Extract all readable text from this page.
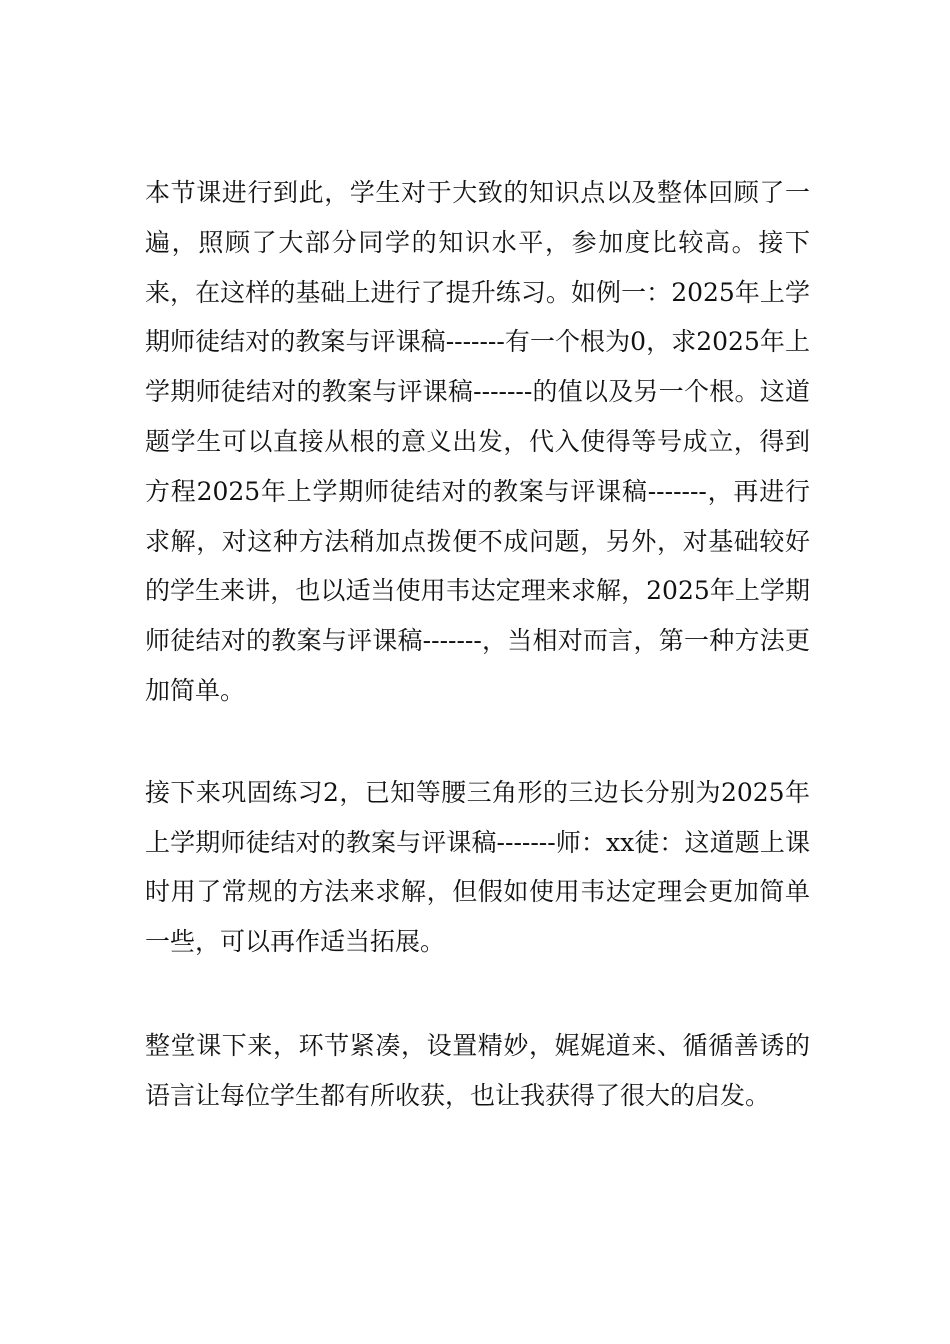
本节课进行到此，学生对于大致的知识点以及整体回顾了一遍，照顾了大部分同学的知识水平，参加度比较高。接下来，在这样的基础上进行了提升练习。如例一：2025年上学期师徒结对的教案与评课稿-------有一个根为0，求2025年上学期师徒结对的教案与评课稿-------的值以及另一个根。这道题学生可以直接从根的意义出发，代入使得等号成立，得到方程2025年上学期师徒结对的教案与评课稿-------，再进行求解，对这种方法稍加点拨便不成问题，另外，对基础较好的学生来讲，也以适当使用韦达定理来求解，2025年上学期师徒结对的教案与评课稿-------，当相对而言，第一种方法更加简单。

接下来巩固练习2，已知等腰三角形的三边长分别为2025年上学期师徒结对的教案与评课稿-------师：xx徒：这道题上课时用了常规的方法来求解，但假如使用韦达定理会更加简单一些，可以再作适当拓展。

整堂课下来，环节紧凑，设置精妙，娓娓道来、循循善诱的语言让每位学生都有所收获，也让我获得了很大的启发。
